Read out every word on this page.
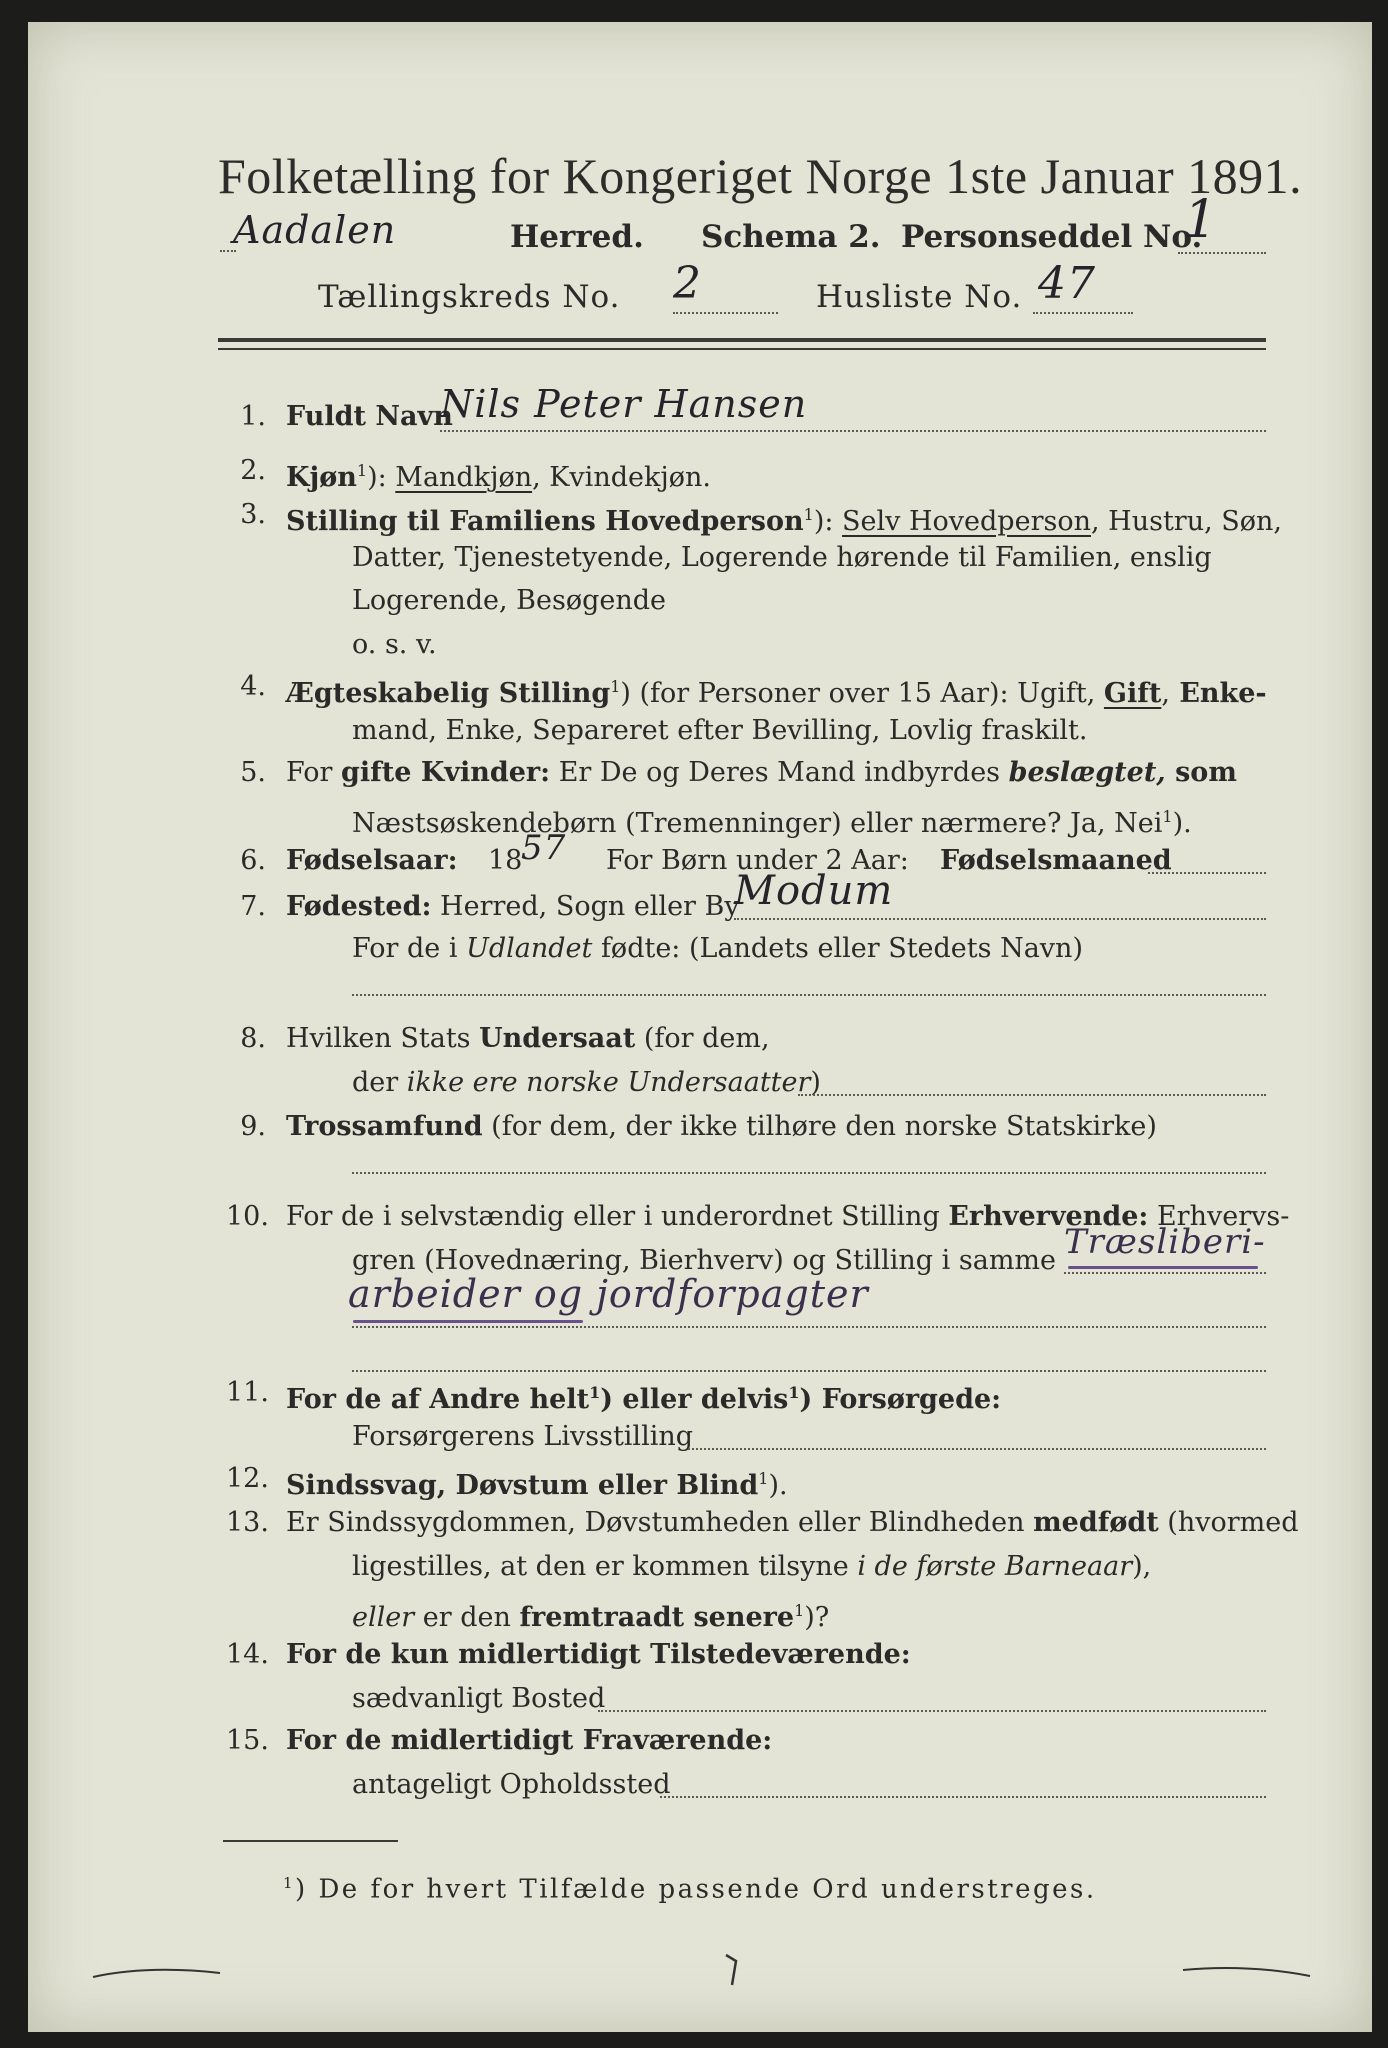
Folketælling for Kongeriget Norge 1ste Januar 1891.
Aadalen	Herred. Schema 2. Personseddel No.
1
Tællingskreds No. 2	Husliste No. 47
1. Fuldt Navn
Nils Peter Hansen
2. Kjøn$^1$): Mandkjøn, Kvindekjøn.
3. Stilling til Familiens Hovedperson$^1$): Selv Hovedperson, Hustru, Søn,
Datter, Tjenestetyende, Logerende hørende til Familien, enslig
Logerende, Besøgende
o. s. v.
4. Ægteskabelig Stilling$^1$) (for Personer over 15 Aar): Ugift, Gift, Enke-
mand, Enke, Separeret efter Bevilling, Lovlig fraskilt.
5. For gifte Kvinder: Er De og Deres Mand indbyrdes beslægtet, som
Næstsøskendebørn (Tremenninger) eller nærmere? Ja, Nei$^1$).
6. Fødselsaar: 18
57 For Børn under 2 Aar: Fødselsmaaned
7. Fødested: Herred, Sogn eller By
Modum
For de i Udlandet fødte: (Landets eller Stedets Navn)
8. Hvilken Stats Undersaat (for dem,
der ikke ere norske Undersaatter)
9. Trossamfund (for dem, der ikke tilhøre den norske Statskirke)
10. For de i selvstændig eller i underordnet Stilling Erhvervende: Erhvervs-
gren (Hovednæring, Bierhverv) og Stilling i samme Træsliberi-
arbeider og jordforpagter
11. For de af Andre helt$^1$) eller delvis$^1$) Forsørgede:
Forsørgerens Livsstilling
12. Sindssvag, Døvstum eller Blind$^1$).
13. Er Sindssygdommen, Døvstumheden eller Blindheden medfødt (hvormed
ligestilles, at den er kommen tilsyne i de første Barneaar),
eller er den fremtraadt senere$^1$)?
14. For de kun midlertidigt Tilstedeværende:
sædvanligt Bosted
15. For de midlertidigt Fraværende:
antageligt Opholdssted
$^1$) De for hvert Tilfælde passende Ord understreges.
